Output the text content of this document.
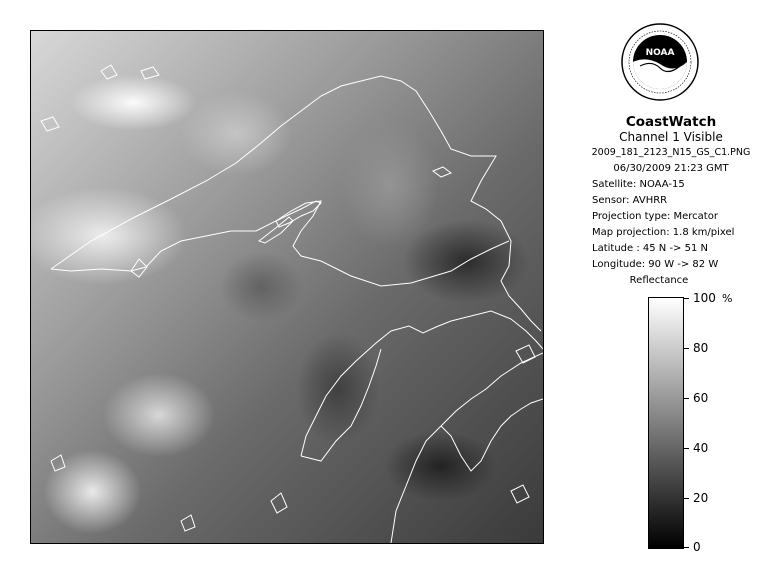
NOAA
CoastWatch
Channel 1 Visible
2009_181_2123_N15_GS_C1.PNG
06/30/2009 21:23 GMT
Satellite: NOAA-15
Sensor: AVHRR
Projection type: Mercator
Map projection: 1.8 km/pixel
Latitude : 45 N -> 51 N
Longitude: 90 W -> 82 W
Reflectance
%
100
80
60
40
20
0
